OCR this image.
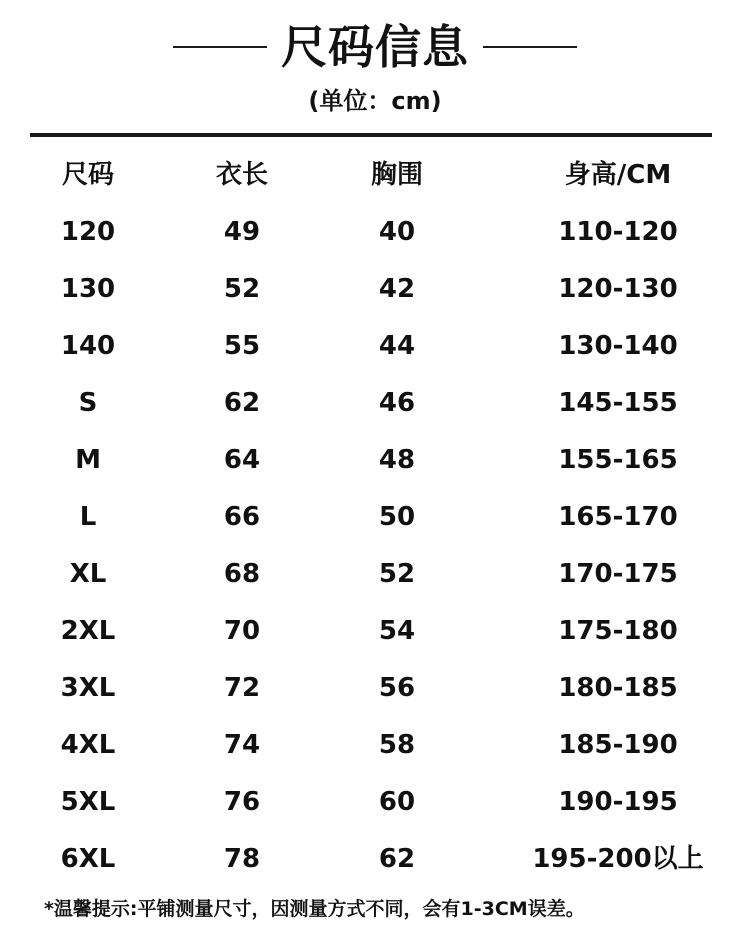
尺码信息
(单位：cm)
尺码	衣长	胸围	身高/CM
120	49	40	110-120
130	52	42	120-130
140	55	44	130-140
S	62	46	145-155
M	64	48	155-165
L	66	50	165-170
XL	68	52	170-175
2XL	70	54	175-180
3XL	72	56	180-185
4XL	74	58	185-190
5XL	76	60	190-195
6XL	78	62	195-200以上
*温馨提示:平铺测量尺寸，因测量方式不同，会有1-3CM误差。
